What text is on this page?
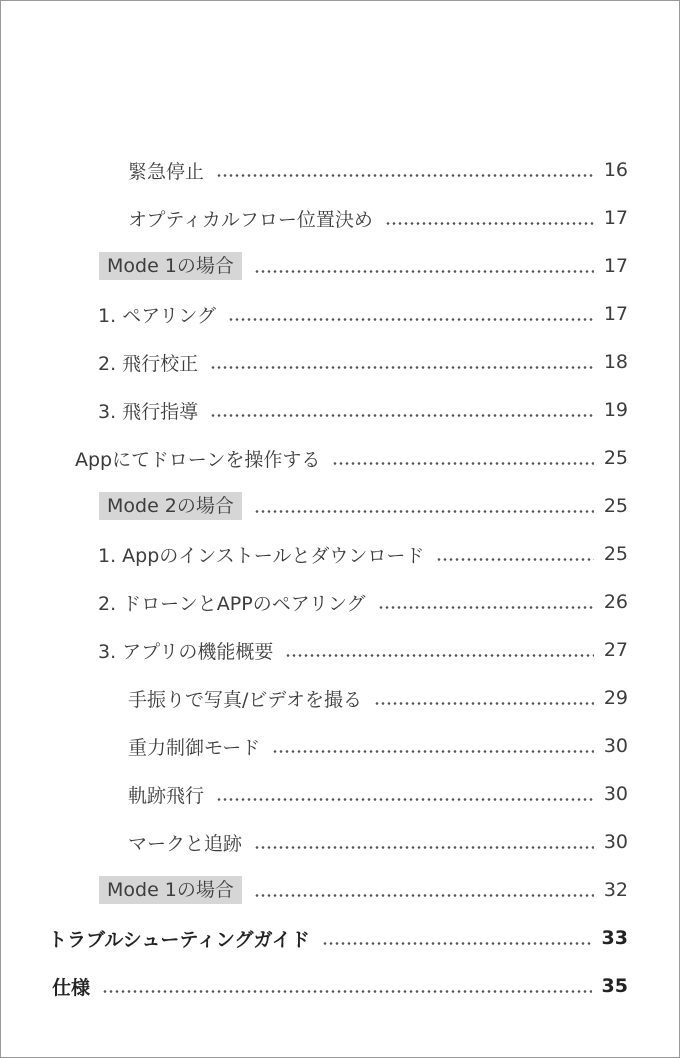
緊急停止	16
オプティカルフロー位置決め	17
Mode 1の場合	17
1. ペアリング	17
2. 飛行校正	18
3. 飛行指導	19
Appにてドローンを操作する	25
Mode 2の場合	25
1. Appのインストールとダウンロード	25
2. ドローンとAPPのペアリング	26
3. アプリの機能概要	27
手振りで写真/ビデオを撮る	29
重力制御モード	30
軌跡飛行	30
マークと追跡	30
Mode 1の場合	32
トラブルシューティングガイド	33
仕様	35
